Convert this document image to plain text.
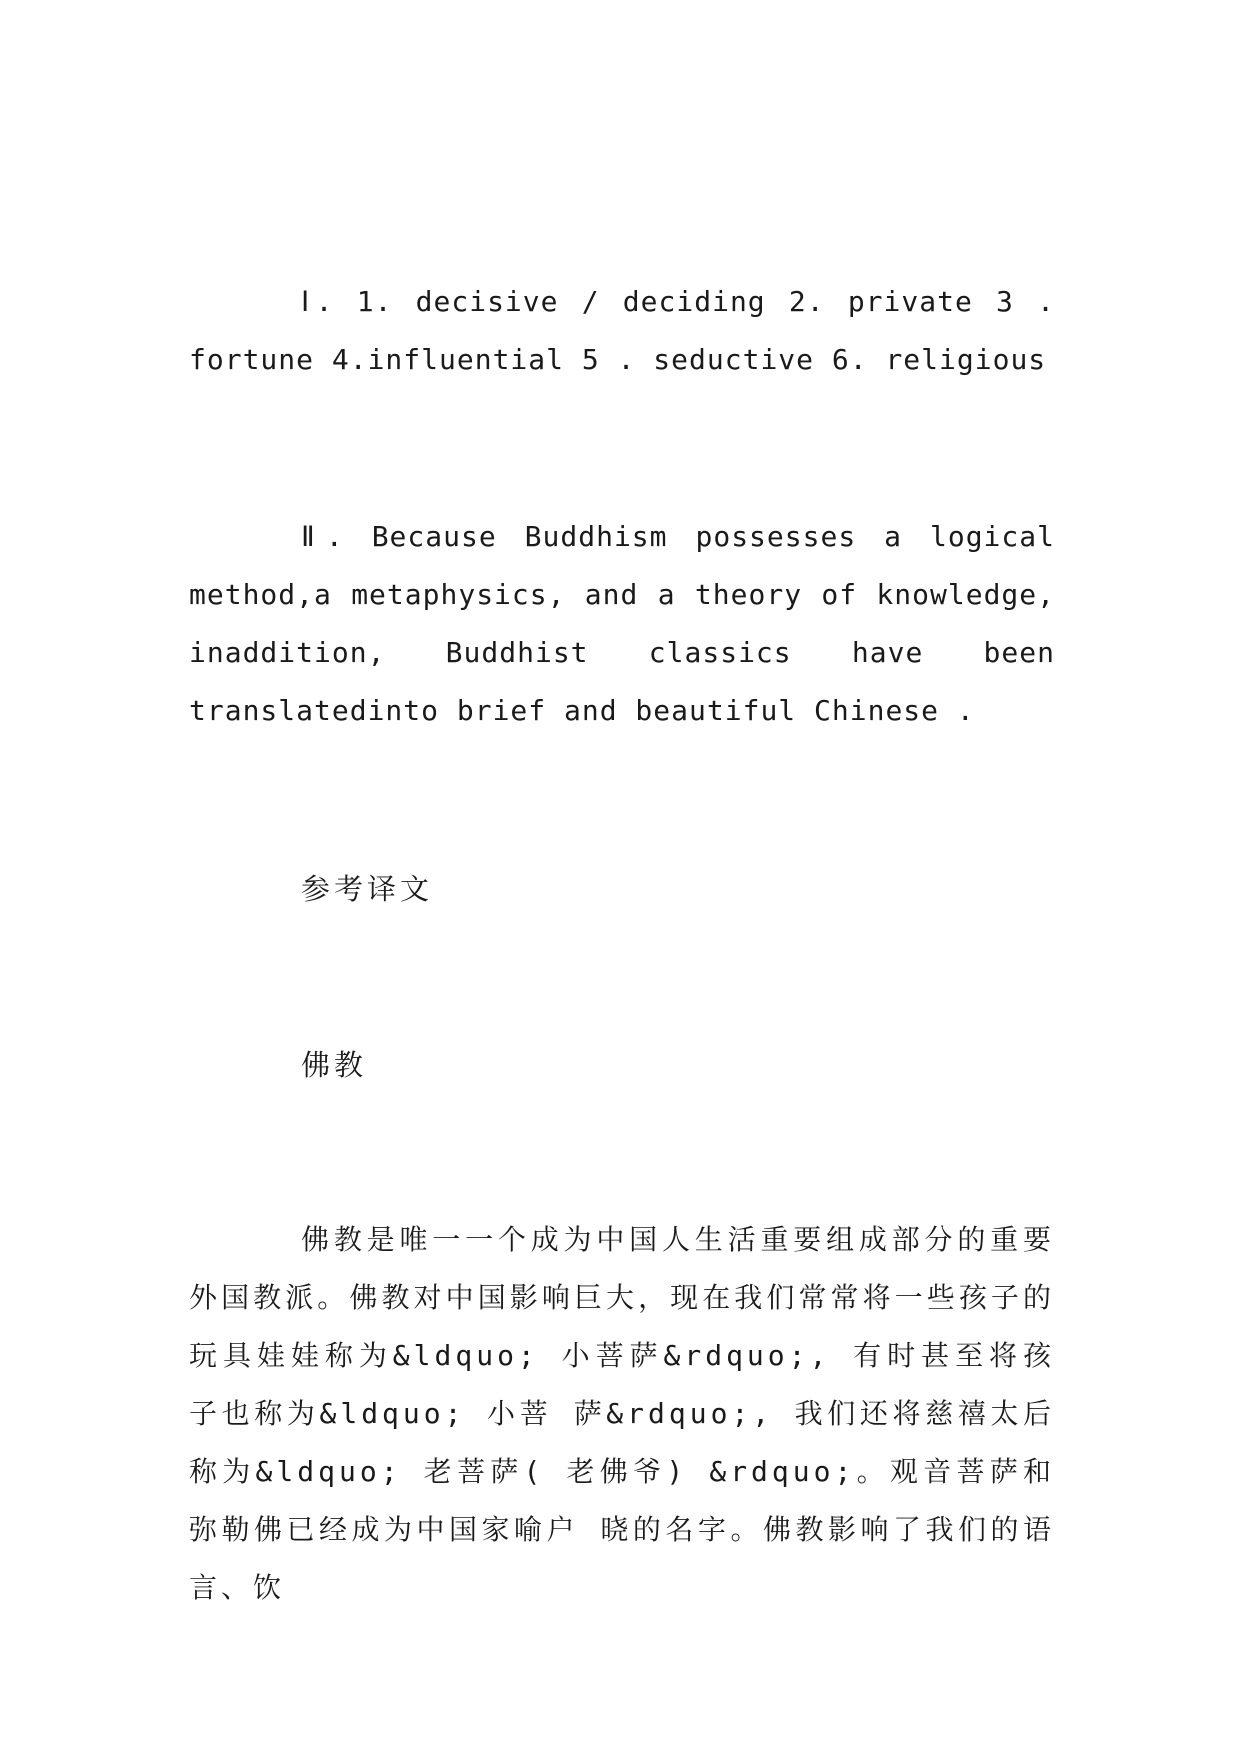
Ⅰ. 1. decisive / deciding 2. private 3 . fortune 4.influential 5 . seductive 6. religious

Ⅱ. Because Buddhism possesses a logical method,a metaphysics, and a theory of knowledge, inaddition, Buddhist classics have been translatedinto brief and beautiful Chinese .

参考译文

佛教

佛教是唯一一个成为中国人生活重要组成部分的重要外国教派。佛教对中国影响巨大，现在我们常常将一些孩子的玩具娃娃称为&ldquo; 小菩萨&rdquo;, 有时甚至将孩子也称为&ldquo; 小菩 萨&rdquo;, 我们还将慈禧太后称为&ldquo; 老菩萨( 老佛爷) &rdquo;。观音菩萨和弥勒佛已经成为中国家喻户 晓的名字。佛教影响了我们的语言、饮
